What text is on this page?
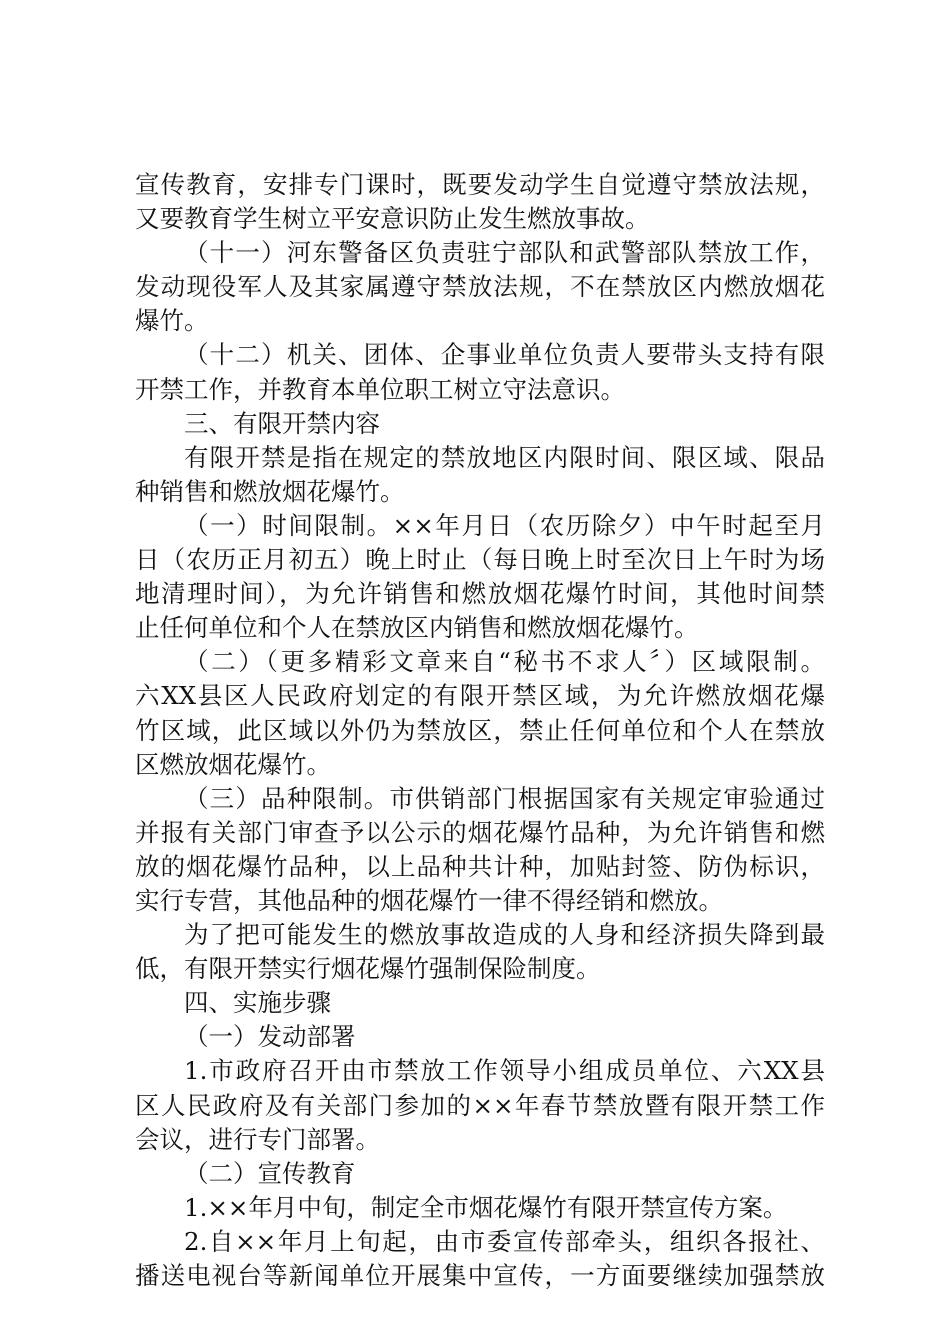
宣传教育，安排专门课时，既要发动学生自觉遵守禁放法规，
又要教育学生树立平安意识防止发生燃放事故。
（十一）河东警备区负责驻宁部队和武警部队禁放工作，
发动现役军人及其家属遵守禁放法规，不在禁放区内燃放烟花
爆竹。
（十二）机关、团体、企事业单位负责人要带头支持有限
开禁工作，并教育本单位职工树立守法意识。
三、有限开禁内容
有限开禁是指在规定的禁放地区内限时间、限区域、限品
种销售和燃放烟花爆竹。
（一）时间限制。××年月日（农历除夕）中午时起至月
日（农历正月初五）晚上时止（每日晚上时至次日上午时为场
地清理时间），为允许销售和燃放烟花爆竹时间，其他时间禁
止任何单位和个人在禁放区内销售和燃放烟花爆竹。
（二）（更多精彩文章来自“秘书不求人〞）区域限制。
六XX县区人民政府划定的有限开禁区域，为允许燃放烟花爆
竹区域，此区域以外仍为禁放区，禁止任何单位和个人在禁放
区燃放烟花爆竹。
（三）品种限制。市供销部门根据国家有关规定审验通过
并报有关部门审查予以公示的烟花爆竹品种，为允许销售和燃
放的烟花爆竹品种，以上品种共计种，加贴封签、防伪标识，
实行专营，其他品种的烟花爆竹一律不得经销和燃放。
为了把可能发生的燃放事故造成的人身和经济损失降到最
低，有限开禁实行烟花爆竹强制保险制度。
四、实施步骤
（一）发动部署
1.市政府召开由市禁放工作领导小组成员单位、六XX县
区人民政府及有关部门参加的××年春节禁放暨有限开禁工作
会议，进行专门部署。
（二）宣传教育
1.××年月中旬，制定全市烟花爆竹有限开禁宣传方案。
2.自××年月上旬起，由市委宣传部牵头，组织各报社、
播送电视台等新闻单位开展集中宣传，一方面要继续加强禁放
